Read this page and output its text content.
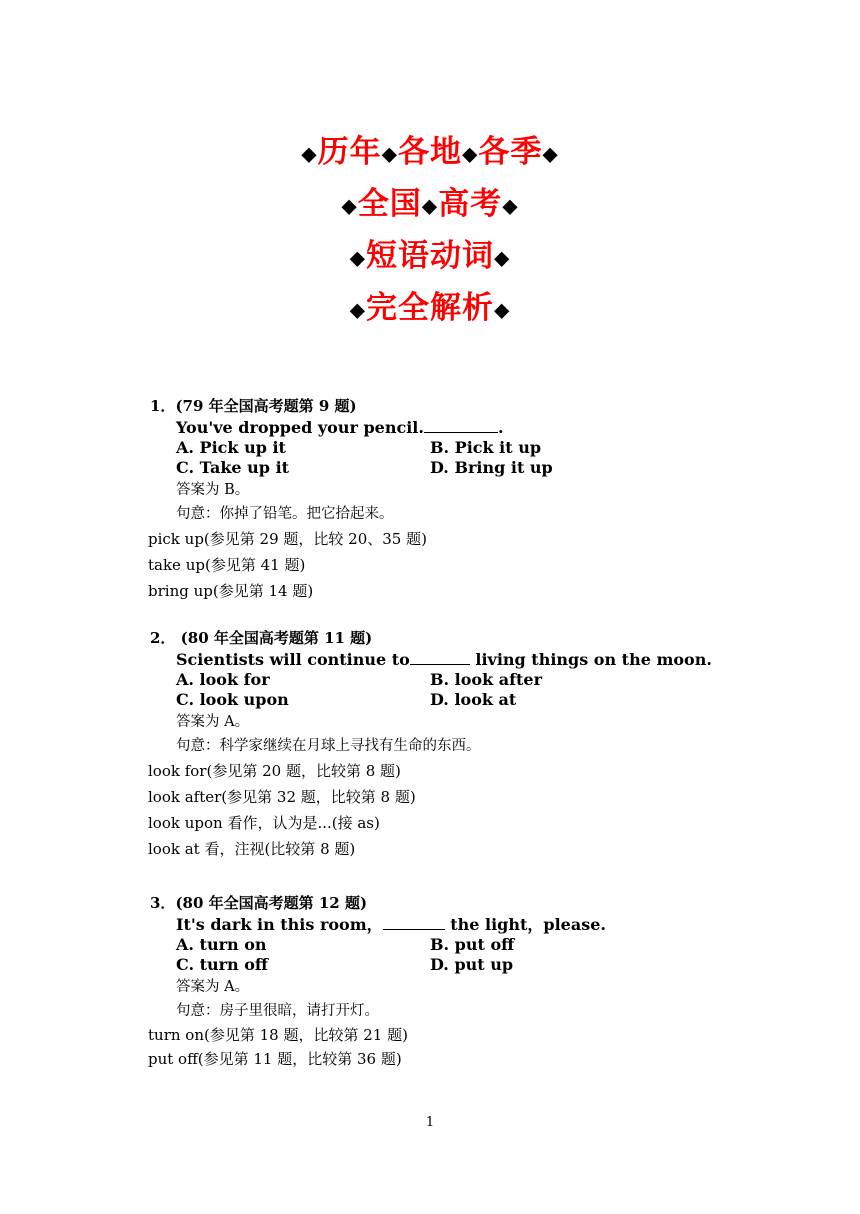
◆历年◆各地◆各季◆
◆全国◆高考◆
◆短语动词◆
◆完全解析◆
1．(79 年全国高考题第 9 题)
You've dropped your pencil.	.
A. Pick up it	B. Pick it up
C. Take up it	D. Bring it up
答案为 B。
句意：你掉了铅笔。把它拾起来。
pick up(参见第 29 题，比较 20、35 题)
take up(参见第 41 题)
bring up(参见第 14 题)
2． (80 年全国高考题第 11 题)
Scientists will continue to	living things on the moon.
A. look for	B. look after
C. look upon	D. look at
答案为 A。
句意：科学家继续在月球上寻找有生命的东西。
look for(参见第 20 题，比较第 8 题)
look after(参见第 32 题，比较第 8 题)
look upon 看作，认为是...(接 as)
look at 看，注视(比较第 8 题)
3．(80 年全国高考题第 12 题)
It's dark in this room，	the light，please.
A. turn on	B. put off
C. turn off	D. put up
答案为 A。
句意：房子里很暗，请打开灯。
turn on(参见第 18 题，比较第 21 题)
put off(参见第 11 题，比较第 36 题)
1
